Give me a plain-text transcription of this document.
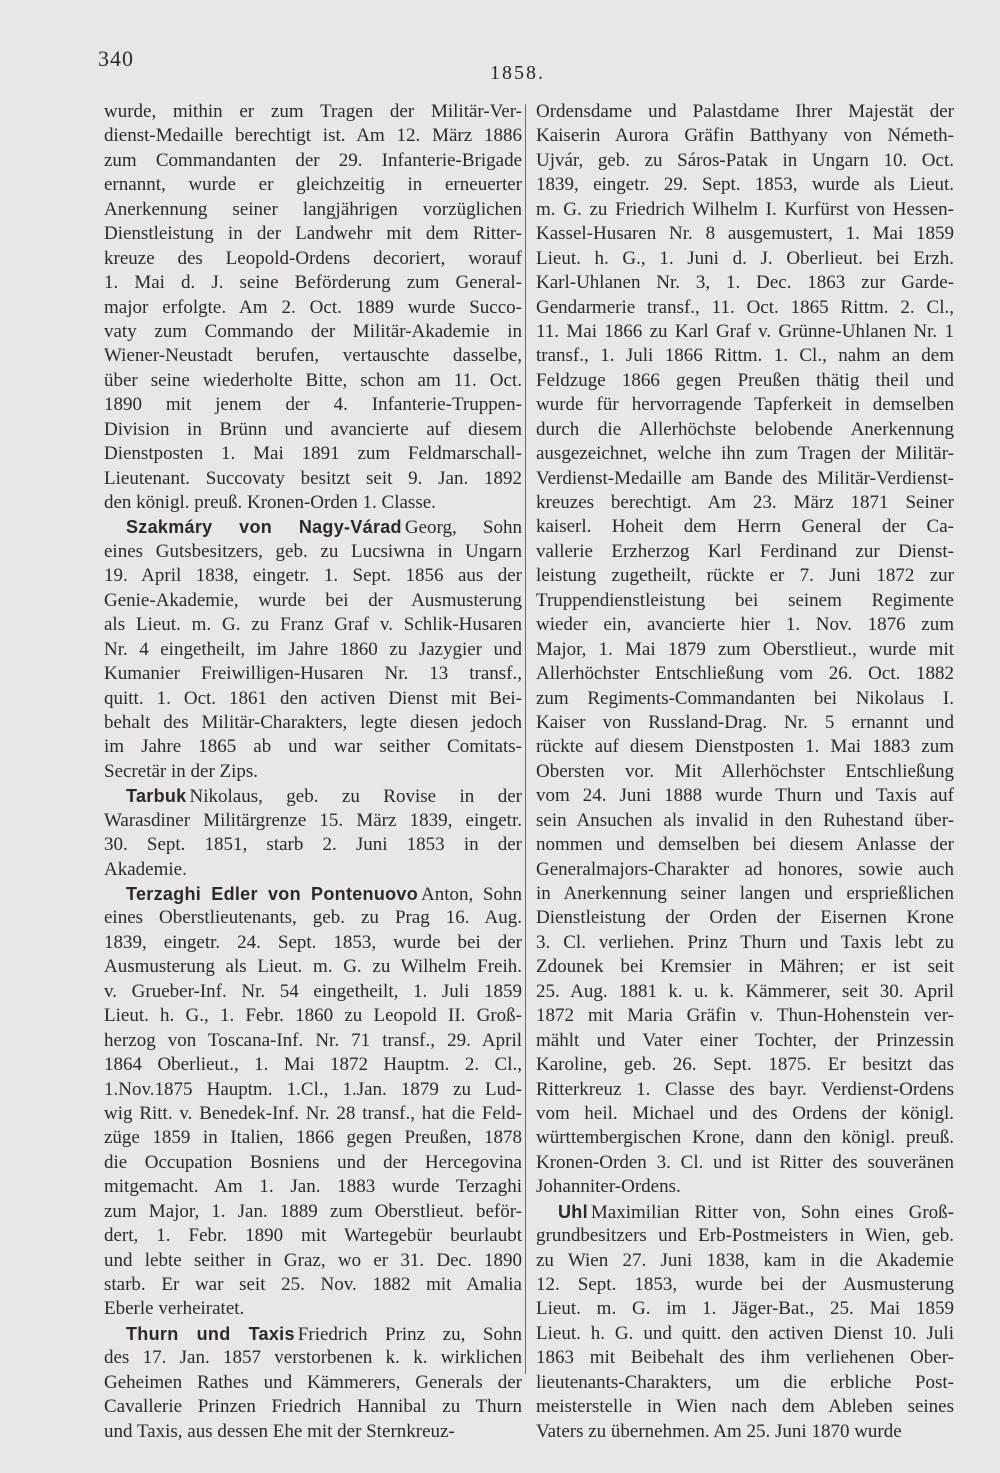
340
1858.
wurde, mithin er zum Tragen der Militär-Ver-
dienst-Medaille berechtigt ist. Am 12. März 1886
zum Commandanten der 29. Infanterie-Brigade
ernannt, wurde er gleichzeitig in erneuerter
Anerkennung seiner langjährigen vorzüglichen
Dienstleistung in der Landwehr mit dem Ritter-
kreuze des Leopold-Ordens decoriert, worauf
1. Mai d. J. seine Beförderung zum General-
major erfolgte. Am 2. Oct. 1889 wurde Succo-
vaty zum Commando der Militär-Akademie in
Wiener-Neustadt berufen, vertauschte dasselbe,
über seine wiederholte Bitte, schon am 11. Oct.
1890 mit jenem der 4. Infanterie-Truppen-
Division in Brünn und avancierte auf diesem
Dienstposten 1. Mai 1891 zum Feldmarschall-
Lieutenant. Succovaty besitzt seit 9. Jan. 1892
den königl. preuß. Kronen-Orden 1. Classe.
Szakmáry von Nagy-Várad Georg, Sohn
eines Gutsbesitzers, geb. zu Lucsiwna in Ungarn
19. April 1838, eingetr. 1. Sept. 1856 aus der
Genie-Akademie, wurde bei der Ausmusterung
als Lieut. m. G. zu Franz Graf v. Schlik-Husaren
Nr. 4 eingetheilt, im Jahre 1860 zu Jazygier und
Kumanier Freiwilligen-Husaren Nr. 13 transf.,
quitt. 1. Oct. 1861 den activen Dienst mit Bei-
behalt des Militär-Charakters, legte diesen jedoch
im Jahre 1865 ab und war seither Comitats-
Secretär in der Zips.
Tarbuk Nikolaus, geb. zu Rovise in der
Warasdiner Militärgrenze 15. März 1839, eingetr.
30. Sept. 1851, starb 2. Juni 1853 in der
Akademie.
Terzaghi Edler von Pontenuovo Anton, Sohn
eines Oberstlieutenants, geb. zu Prag 16. Aug.
1839, eingetr. 24. Sept. 1853, wurde bei der
Ausmusterung als Lieut. m. G. zu Wilhelm Freih.
v. Grueber-Inf. Nr. 54 eingetheilt, 1. Juli 1859
Lieut. h. G., 1. Febr. 1860 zu Leopold II. Groß-
herzog von Toscana-Inf. Nr. 71 transf., 29. April
1864 Oberlieut., 1. Mai 1872 Hauptm. 2. Cl.,
1.Nov.1875 Hauptm. 1.Cl., 1.Jan. 1879 zu Lud-
wig Ritt. v. Benedek-Inf. Nr. 28 transf., hat die Feld-
züge 1859 in Italien, 1866 gegen Preußen, 1878
die Occupation Bosniens und der Hercegovina
mitgemacht. Am 1. Jan. 1883 wurde Terzaghi
zum Major, 1. Jan. 1889 zum Oberstlieut. beför-
dert, 1. Febr. 1890 mit Wartegebür beurlaubt
und lebte seither in Graz, wo er 31. Dec. 1890
starb. Er war seit 25. Nov. 1882 mit Amalia
Eberle verheiratet.
Thurn und Taxis Friedrich Prinz zu, Sohn
des 17. Jan. 1857 verstorbenen k. k. wirklichen
Geheimen Rathes und Kämmerers, Generals der
Cavallerie Prinzen Friedrich Hannibal zu Thurn
und Taxis, aus dessen Ehe mit der Sternkreuz-
Ordensdame und Palastdame Ihrer Majestät der
Kaiserin Aurora Gräfin Batthyany von Németh-
Ujvár, geb. zu Sáros-Patak in Ungarn 10. Oct.
1839, eingetr. 29. Sept. 1853, wurde als Lieut.
m. G. zu Friedrich Wilhelm I. Kurfürst von Hessen-
Kassel-Husaren Nr. 8 ausgemustert, 1. Mai 1859
Lieut. h. G., 1. Juni d. J. Oberlieut. bei Erzh.
Karl-Uhlanen Nr. 3, 1. Dec. 1863 zur Garde-
Gendarmerie transf., 11. Oct. 1865 Rittm. 2. Cl.,
11. Mai 1866 zu Karl Graf v. Grünne-Uhlanen Nr. 1
transf., 1. Juli 1866 Rittm. 1. Cl., nahm an dem
Feldzuge 1866 gegen Preußen thätig theil und
wurde für hervorragende Tapferkeit in demselben
durch die Allerhöchste belobende Anerkennung
ausgezeichnet, welche ihn zum Tragen der Militär-
Verdienst-Medaille am Bande des Militär-Verdienst-
kreuzes berechtigt. Am 23. März 1871 Seiner
kaiserl. Hoheit dem Herrn General der Ca-
vallerie Erzherzog Karl Ferdinand zur Dienst-
leistung zugetheilt, rückte er 7. Juni 1872 zur
Truppendienstleistung bei seinem Regimente
wieder ein, avancierte hier 1. Nov. 1876 zum
Major, 1. Mai 1879 zum Oberstlieut., wurde mit
Allerhöchster Entschließung vom 26. Oct. 1882
zum Regiments-Commandanten bei Nikolaus I.
Kaiser von Russland-Drag. Nr. 5 ernannt und
rückte auf diesem Dienstposten 1. Mai 1883 zum
Obersten vor. Mit Allerhöchster Entschließung
vom 24. Juni 1888 wurde Thurn und Taxis auf
sein Ansuchen als invalid in den Ruhestand über-
nommen und demselben bei diesem Anlasse der
Generalmajors-Charakter ad honores, sowie auch
in Anerkennung seiner langen und ersprießlichen
Dienstleistung der Orden der Eisernen Krone
3. Cl. verliehen. Prinz Thurn und Taxis lebt zu
Zdounek bei Kremsier in Mähren; er ist seit
25. Aug. 1881 k. u. k. Kämmerer, seit 30. April
1872 mit Maria Gräfin v. Thun-Hohenstein ver-
mählt und Vater einer Tochter, der Prinzessin
Karoline, geb. 26. Sept. 1875. Er besitzt das
Ritterkreuz 1. Classe des bayr. Verdienst-Ordens
vom heil. Michael und des Ordens der königl.
württembergischen Krone, dann den königl. preuß.
Kronen-Orden 3. Cl. und ist Ritter des souveränen
Johanniter-Ordens.
Uhl Maximilian Ritter von, Sohn eines Groß-
grundbesitzers und Erb-Postmeisters in Wien, geb.
zu Wien 27. Juni 1838, kam in die Akademie
12. Sept. 1853, wurde bei der Ausmusterung
Lieut. m. G. im 1. Jäger-Bat., 25. Mai 1859
Lieut. h. G. und quitt. den activen Dienst 10. Juli
1863 mit Beibehalt des ihm verliehenen Ober-
lieutenants-Charakters, um die erbliche Post-
meisterstelle in Wien nach dem Ableben seines
Vaters zu übernehmen. Am 25. Juni 1870 wurde
